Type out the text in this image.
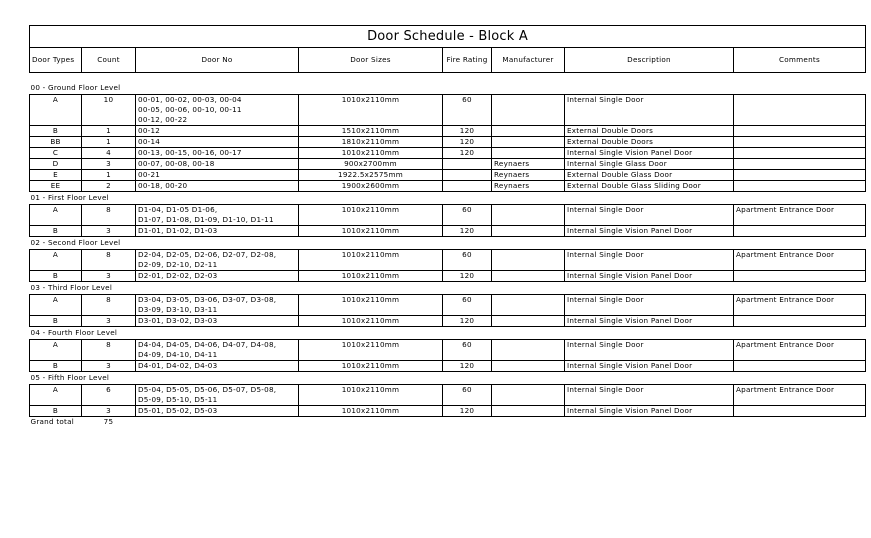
Door Schedule - Block A							
Door Types	Count	Door No	Door Sizes	Fire Rating	Manufacturer	Description	Comments

00 - Ground Floor Level							
A	10	00-01, 00-02, 00-03, 00-04
00-05, 00-06, 00-10, 00-11
00-12, 00-22	1010x2110mm	60		Internal Single Door	
B	1	00-12	1510x2110mm	120		External Double Doors	
BB	1	00-14	1810x2110mm	120		External Double Doors	
C	4	00-13, 00-15, 00-16, 00-17	1010x2110mm	120		Internal Single Vision Panel Door	
D	3	00-07, 00-08, 00-18	900x2700mm		Reynaers	Internal Single Glass Door	
E	1	00-21	1922.5x2575mm		Reynaers	External Double Glass Door	
EE	2	00-18, 00-20	1900x2600mm		Reynaers	External Double Glass Sliding Door	
01 - First Floor Level							
A	8	D1-04, D1-05 D1-06,
D1-07, D1-08, D1-09, D1-10, D1-11	1010x2110mm	60		Internal Single Door	Apartment Entrance Door
B	3	D1-01, D1-02, D1-03	1010x2110mm	120		Internal Single Vision Panel Door	
02 - Second Floor Level							
A	8	D2-04, D2-05, D2-06, D2-07, D2-08,
D2-09, D2-10, D2-11	1010x2110mm	60		Internal Single Door	Apartment Entrance Door
B	3	D2-01, D2-02, D2-03	1010x2110mm	120		Internal Single Vision Panel Door	
03 - Third Floor Level							
A	8	D3-04, D3-05, D3-06, D3-07, D3-08,
D3-09, D3-10, D3-11	1010x2110mm	60		Internal Single Door	Apartment Entrance Door
B	3	D3-01, D3-02, D3-03	1010x2110mm	120		Internal Single Vision Panel Door	
04 - Fourth Floor Level							
A	8	D4-04, D4-05, D4-06, D4-07, D4-08,
D4-09, D4-10, D4-11	1010x2110mm	60		Internal Single Door	Apartment Entrance Door
B	3	D4-01, D4-02, D4-03	1010x2110mm	120		Internal Single Vision Panel Door	
05 - Fifth Floor Level							
A	6	D5-04, D5-05, D5-06, D5-07, D5-08,
D5-09, D5-10, D5-11	1010x2110mm	60		Internal Single Door	Apartment Entrance Door
B	3	D5-01, D5-02, D5-03	1010x2110mm	120		Internal Single Vision Panel Door	
Grand total	75						
